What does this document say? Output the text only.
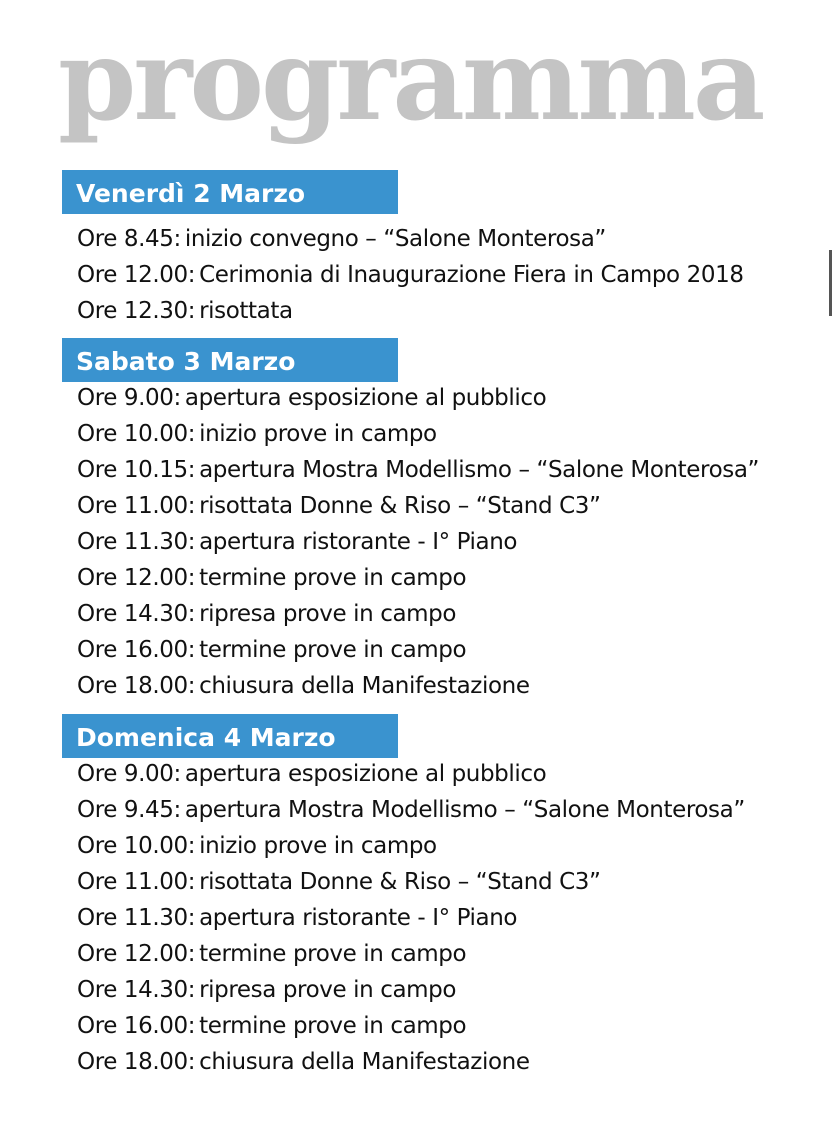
programma
Venerdì 2 Marzo
Ore 8.45: inizio convegno – “Salone Monterosa”
Ore 12.00: Cerimonia di Inaugurazione Fiera in Campo 2018
Ore 12.30: risottata
Sabato 3 Marzo
Ore 9.00: apertura esposizione al pubblico
Ore 10.00: inizio prove in campo
Ore 10.15: apertura Mostra Modellismo – “Salone Monterosa”
Ore 11.00: risottata Donne & Riso – “Stand C3”
Ore 11.30: apertura ristorante - I° Piano
Ore 12.00: termine prove in campo
Ore 14.30: ripresa prove in campo
Ore 16.00: termine prove in campo
Ore 18.00: chiusura della Manifestazione
Domenica 4 Marzo
Ore 9.00: apertura esposizione al pubblico
Ore 9.45: apertura Mostra Modellismo – “Salone Monterosa”
Ore 10.00: inizio prove in campo
Ore 11.00: risottata Donne & Riso – “Stand C3”
Ore 11.30: apertura ristorante - I° Piano
Ore 12.00: termine prove in campo
Ore 14.30: ripresa prove in campo
Ore 16.00: termine prove in campo
Ore 18.00: chiusura della Manifestazione
